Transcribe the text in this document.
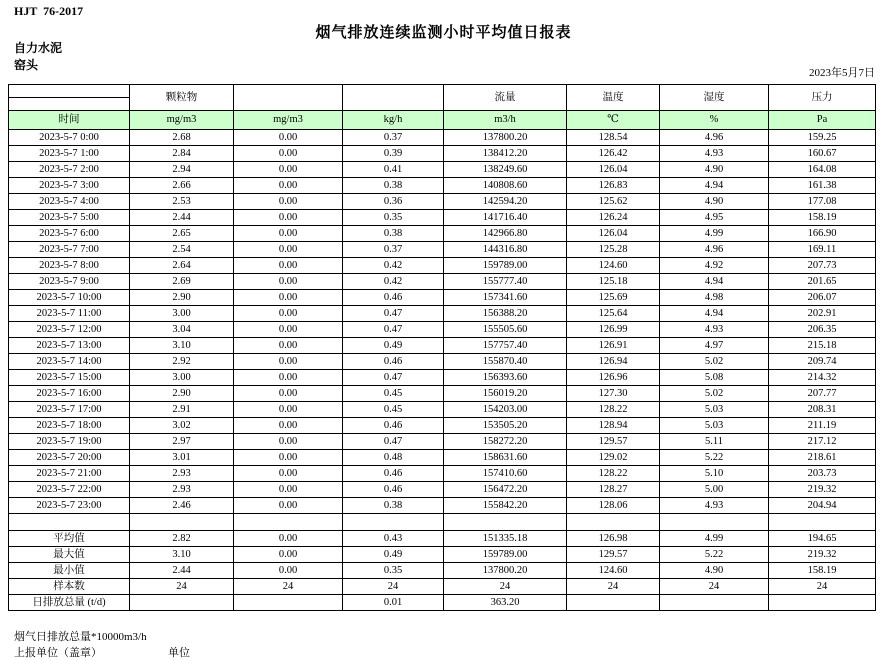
HJT  76-2017
烟气排放连续监测小时平均值日报表
自力水泥
窑头
2023年5月7日
	颗粒物			流量	温度	湿度	压力

时间	mg/m3	mg/m3	kg/h	m3/h	℃	%	Pa
2023-5-7 0:00	2.68	0.00	0.37	137800.20	128.54	4.96	159.25
2023-5-7 1:00	2.84	0.00	0.39	138412.20	126.42	4.93	160.67
2023-5-7 2:00	2.94	0.00	0.41	138249.60	126.04	4.90	164.08
2023-5-7 3:00	2.66	0.00	0.38	140808.60	126.83	4.94	161.38
2023-5-7 4:00	2.53	0.00	0.36	142594.20	125.62	4.90	177.08
2023-5-7 5:00	2.44	0.00	0.35	141716.40	126.24	4.95	158.19
2023-5-7 6:00	2.65	0.00	0.38	142966.80	126.04	4.99	166.90
2023-5-7 7:00	2.54	0.00	0.37	144316.80	125.28	4.96	169.11
2023-5-7 8:00	2.64	0.00	0.42	159789.00	124.60	4.92	207.73
2023-5-7 9:00	2.69	0.00	0.42	155777.40	125.18	4.94	201.65
2023-5-7 10:00	2.90	0.00	0.46	157341.60	125.69	4.98	206.07
2023-5-7 11:00	3.00	0.00	0.47	156388.20	125.64	4.94	202.91
2023-5-7 12:00	3.04	0.00	0.47	155505.60	126.99	4.93	206.35
2023-5-7 13:00	3.10	0.00	0.49	157757.40	126.91	4.97	215.18
2023-5-7 14:00	2.92	0.00	0.46	155870.40	126.94	5.02	209.74
2023-5-7 15:00	3.00	0.00	0.47	156393.60	126.96	5.08	214.32
2023-5-7 16:00	2.90	0.00	0.45	156019.20	127.30	5.02	207.77
2023-5-7 17:00	2.91	0.00	0.45	154203.00	128.22	5.03	208.31
2023-5-7 18:00	3.02	0.00	0.46	153505.20	128.94	5.03	211.19
2023-5-7 19:00	2.97	0.00	0.47	158272.20	129.57	5.11	217.12
2023-5-7 20:00	3.01	0.00	0.48	158631.60	129.02	5.22	218.61
2023-5-7 21:00	2.93	0.00	0.46	157410.60	128.22	5.10	203.73
2023-5-7 22:00	2.93	0.00	0.46	156472.20	128.27	5.00	219.32
2023-5-7 23:00	2.46	0.00	0.38	155842.20	128.06	4.93	204.94

平均值	2.82	0.00	0.43	151335.18	126.98	4.99	194.65
最大值	3.10	0.00	0.49	159789.00	129.57	5.22	219.32
最小值	2.44	0.00	0.35	137800.20	124.60	4.90	158.19
样本数	24	24	24	24	24	24	24
日排放总量 (t/d)			0.01	363.20			
烟气日排放总量*10000m3/h
上报单位（盖章）	单位
